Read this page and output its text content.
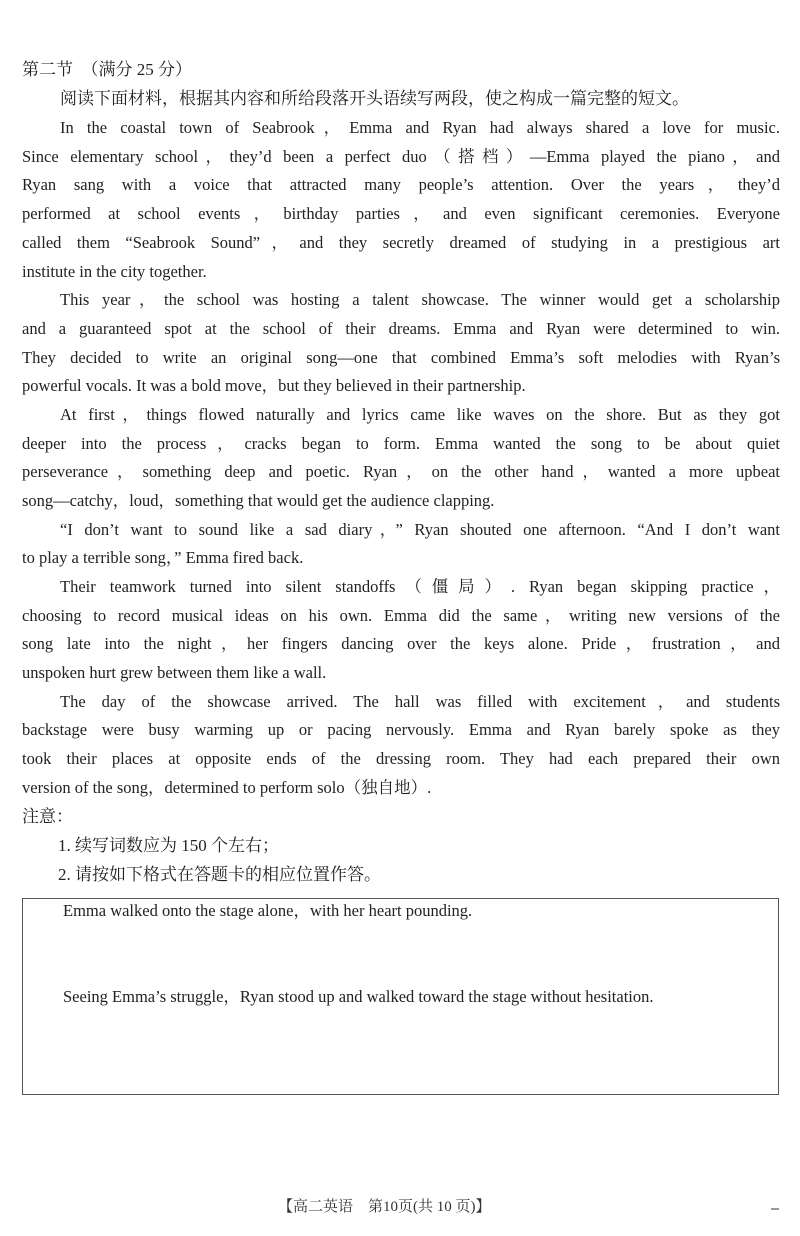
第二节　（满分 25 分）
阅读下面材料，根据其内容和所给段落开头语续写两段，使之构成一篇完整的短文。
In the coastal town of Seabrook，Emma and Ryan had always shared a love for music.
Since elementary school，they’d been a perfect duo（搭档）—Emma played the piano，and
Ryan sang with a voice that attracted many people’s attention. Over the years，they’d
performed at school events，birthday parties，and even significant ceremonies. Everyone
called them “Seabrook Sound”，and they secretly dreamed of studying in a prestigious art
institute in the city together.
This year，the school was hosting a talent showcase. The winner would get a scholarship
and a guaranteed spot at the school of their dreams. Emma and Ryan were determined to win.
They decided to write an original song—one that combined Emma’s soft melodies with Ryan’s
powerful vocals. It was a bold move，but they believed in their partnership.
At first，things flowed naturally and lyrics came like waves on the shore. But as they got
deeper into the process，cracks began to form. Emma wanted the song to be about quiet
perseverance，something deep and poetic. Ryan，on the other hand，wanted a more upbeat
song—catchy，loud，something that would get the audience clapping.
“I don’t want to sound like a sad diary，” Ryan shouted one afternoon. “And I don’t want
to play a terrible song，” Emma fired back.
Their teamwork turned into silent standoffs（僵局）. Ryan began skipping practice，
choosing to record musical ideas on his own. Emma did the same，writing new versions of the
song late into the night，her fingers dancing over the keys alone. Pride，frustration，and
unspoken hurt grew between them like a wall.
The day of the showcase arrived. The hall was filled with excitement，and students
backstage were busy warming up or pacing nervously. Emma and Ryan barely spoke as they
took their places at opposite ends of the dressing room. They had each prepared their own
version of the song，determined to perform solo（独自地）.
注意：
1. 续写词数应为 150 个左右；
2. 请按如下格式在答题卡的相应位置作答。
Emma walked onto the stage alone，with her heart pounding.
Seeing Emma’s struggle，Ryan stood up and walked toward the stage without hesitation.
【高二英语　第10页(共 10 页)】
